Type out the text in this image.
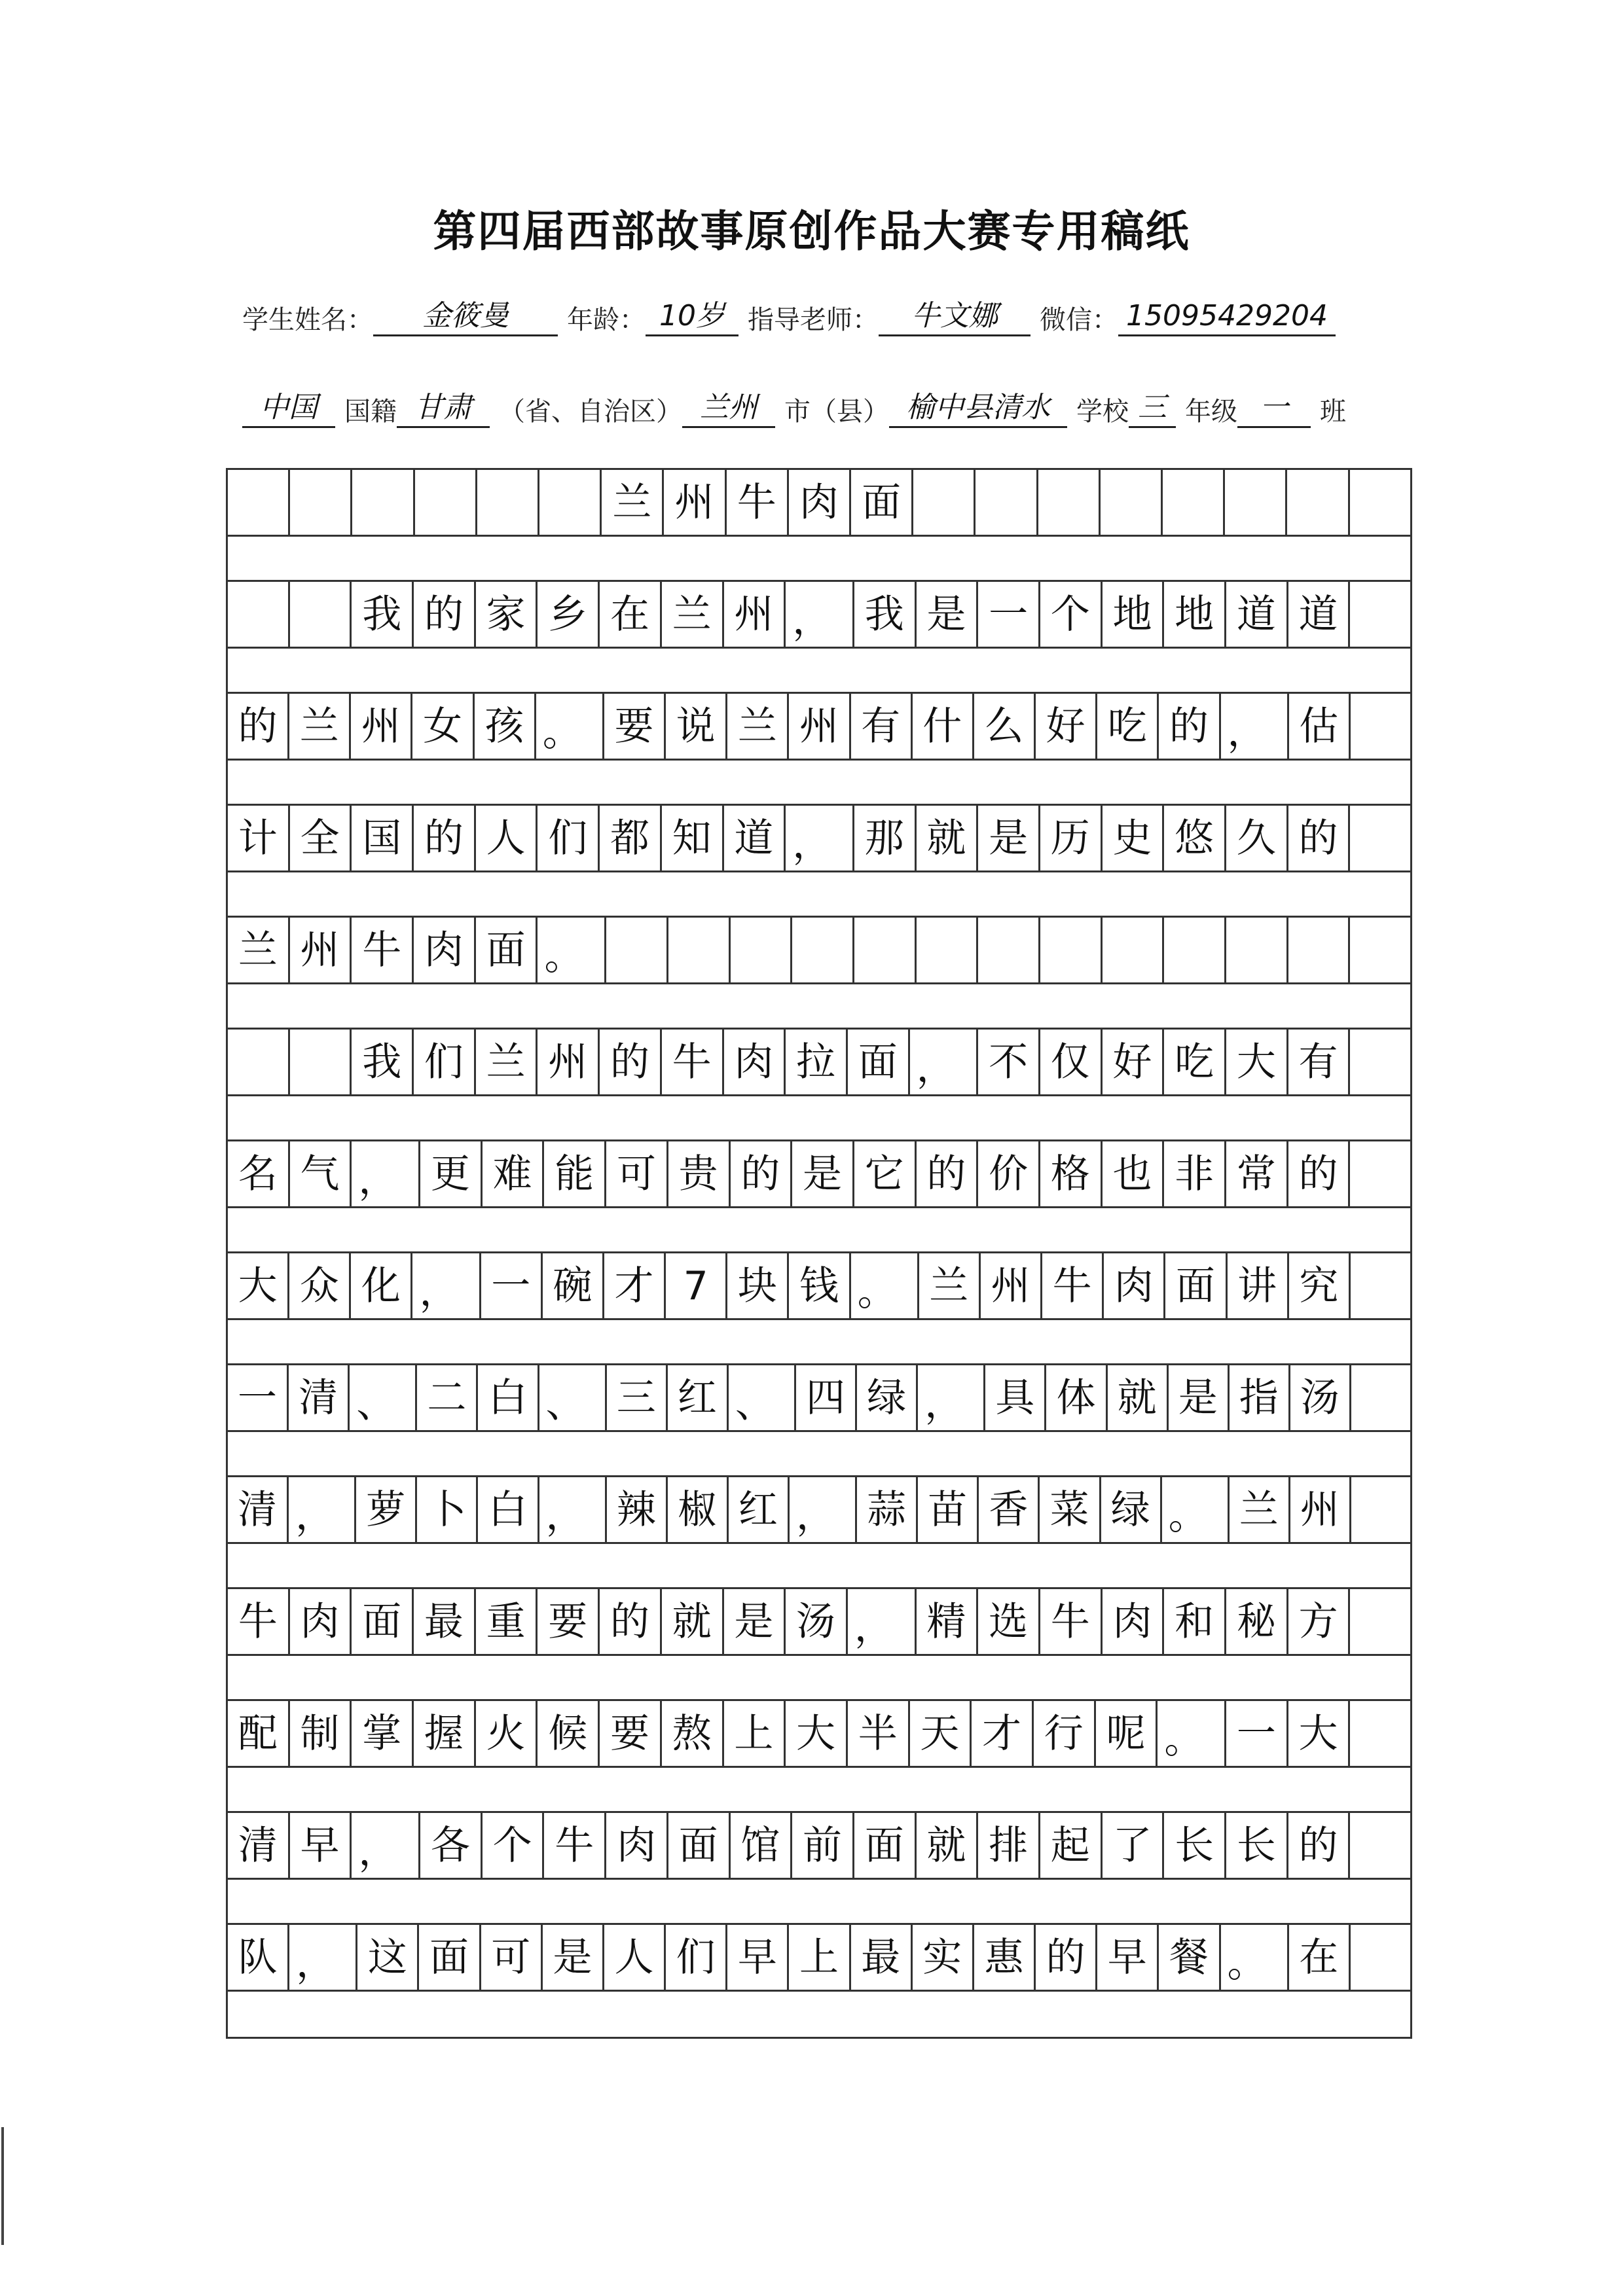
第四届西部故事原创作品大赛专用稿纸
学生姓名：	金筱曼	年龄： 10岁 指导老师：	牛文娜	微信： 15095429204
中国	国籍 甘肃	（省、自治区） 兰州	市（县） 榆中县清水	学校 三 年级 一	班
兰 州 牛 肉 面
我 的 家 乡 在 兰 州 ， 我 是 一 个 地 地 道 道
的 兰 州 女 孩 。 要 说 兰 州 有 什 么 好 吃 的 ， 估
计 全 国 的 人 们 都 知 道 ， 那 就 是 历 史 悠 久 的
兰 州 牛 肉 面 。
我 们 兰 州 的 牛 肉 拉 面 ， 不 仅 好 吃 大 有
名 气 ， 更 难 能 可 贵 的 是 它 的 价 格 也 非 常 的
大 众 化 ， 一 碗 才 7 块 钱 。 兰 州 牛 肉 面 讲 究
一 清 、 二 白 、 三 红 、 四 绿 ， 具 体 就 是 指 汤
清 ， 萝 卜 白 ， 辣 椒 红 ， 蒜 苗 香 菜 绿 。 兰 州
牛 肉 面 最 重 要 的 就 是 汤 ， 精 选 牛 肉 和 秘 方
配 制 掌 握 火 候 要 熬 上 大 半 天 才 行 呢 。 一 大
清 早 ， 各 个 牛 肉 面 馆 前 面 就 排 起 了 长 长 的
队 ， 这 面 可 是 人 们 早 上 最 实 惠 的 早 餐 。 在
